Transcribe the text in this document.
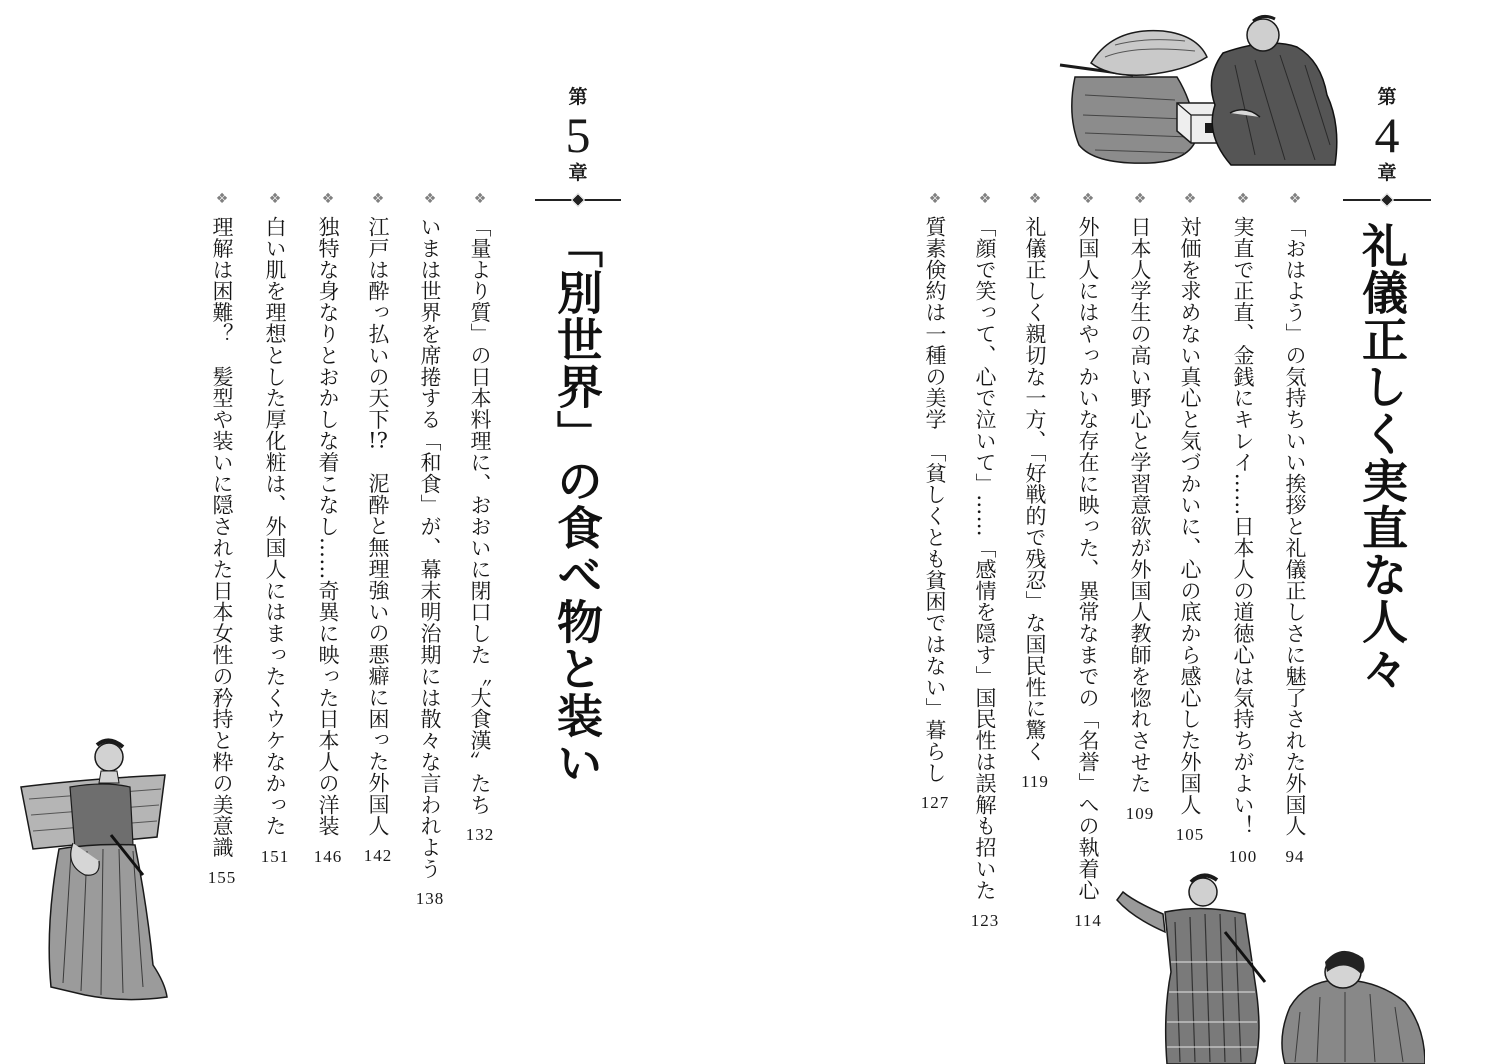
第
4
章
礼儀正しく実直な人々
❖
「おはよう」の気持ちいい挨拶と礼儀正しさに魅了された外国人
94
❖
実直で正直、金銭にキレイ……日本人の道徳心は気持ちがよい！
100
❖
対価を求めない真心と気づかいに、心の底から感心した外国人
105
❖
日本人学生の高い野心と学習意欲が外国人教師を惚れさせた
109
❖
外国人にはやっかいな存在に映った、異常なまでの「名誉」への執着心
114
❖
礼儀正しく親切な一方、「好戦的で残忍」な国民性に驚く
119
❖
「顔で笑って、心で泣いて」……「感情を隠す」国民性は誤解も招いた
123
❖
質素倹約は一種の美学　「貧しくとも貧困ではない」暮らし
127
第
5
章
「別世界」の食べ物と装い
❖
「量より質」の日本料理に、おおいに閉口した〝大食漢〟たち
132
❖
いまは世界を席捲する「和食」が、幕末明治期には散々な言われよう
138
❖
江戸は酔っ払いの天下!?　泥酔と無理強いの悪癖に困った外国人
142
❖
独特な身なりとおかしな着こなし……奇異に映った日本人の洋装
146
❖
白い肌を理想とした厚化粧は、外国人にはまったくウケなかった
151
❖
理解は困難？　髪型や装いに隠された日本女性の矜持と粋の美意識
155
